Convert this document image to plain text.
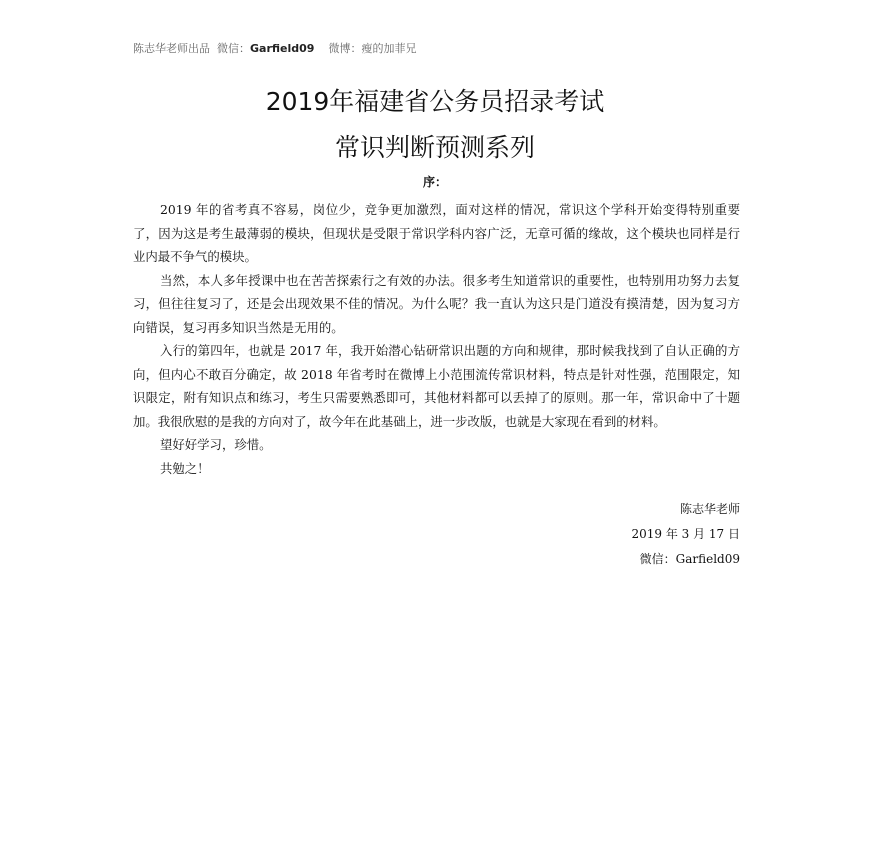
陈志华老师出品 微信：Garfield09 微博：瘦的加菲兄
2019年福建省公务员招录考试
常识判断预测系列
序：

2019 年的省考真不容易，岗位少，竞争更加激烈，面对这样的情况，常识这个学科开始变得特别重要了，因为这是考生最薄弱的模块，但现状是受限于常识学科内容广泛，无章可循的缘故，这个模块也同样是行业内最不争气的模块。

当然，本人多年授课中也在苦苦探索行之有效的办法。很多考生知道常识的重要性，也特别用功努力去复习，但往往复习了，还是会出现效果不佳的情况。为什么呢？我一直认为这只是门道没有摸清楚，因为复习方向错误，复习再多知识当然是无用的。

入行的第四年，也就是 2017 年，我开始潜心钻研常识出题的方向和规律，那时候我找到了自认正确的方向，但内心不敢百分确定，故 2018 年省考时在微博上小范围流传常识材料，特点是针对性强，范围限定，知识限定，附有知识点和练习，考生只需要熟悉即可，其他材料都可以丢掉了的原则。那一年，常识命中了十题加。我很欣慰的是我的方向对了，故今年在此基础上，进一步改版，也就是大家现在看到的材料。

望好好学习，珍惜。

共勉之！

陈志华老师
2019 年 3 月 17 日
微信：Garfield09
